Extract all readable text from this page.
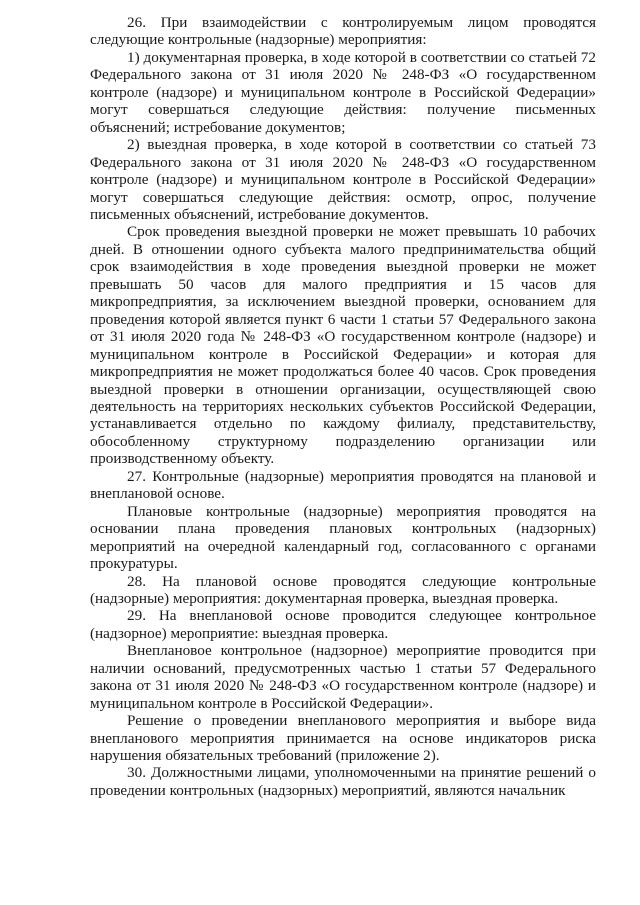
26. При взаимодействии с контролируемым лицом проводятся следующие контрольные (надзорные) мероприятия:

1) документарная проверка, в ходе которой в соответствии со статьей 72 Федерального закона от 31 июля 2020 № 248-ФЗ «О государственном контроле (надзоре) и муниципальном контроле в Российской Федерации» могут совершаться следующие действия: получение письменных объяснений; истребование документов;

2) выездная проверка, в ходе которой в соответствии со статьей 73 Федерального закона от 31 июля 2020 № 248-ФЗ «О государственном контроле (надзоре) и муниципальном контроле в Российской Федерации» могут совершаться следующие действия: осмотр, опрос, получение письменных объяснений, истребование документов.

Срок проведения выездной проверки не может превышать 10 рабочих дней. В отношении одного субъекта малого предпринимательства общий срок взаимодействия в ходе проведения выездной проверки не может превышать 50 часов для малого предприятия и 15 часов для микропредприятия, за исключением выездной проверки, основанием для проведения которой является пункт 6 части 1 статьи 57 Федерального закона от 31 июля 2020 года № 248-ФЗ «О государственном контроле (надзоре) и муниципальном контроле в Российской Федерации» и которая для микропредприятия не может продолжаться более 40 часов. Срок проведения выездной проверки в отношении организации, осуществляющей свою деятельность на территориях нескольких субъектов Российской Федерации, устанавливается отдельно по каждому филиалу, представительству, обособленному структурному подразделению организации или производственному объекту.

27. Контрольные (надзорные) мероприятия проводятся на плановой и внеплановой основе.

Плановые контрольные (надзорные) мероприятия проводятся на основании плана проведения плановых контрольных (надзорных) мероприятий на очередной календарный год, согласованного с органами прокуратуры.

28. На плановой основе проводятся следующие контрольные (надзорные) мероприятия: документарная проверка, выездная проверка.

29. На внеплановой основе проводится следующее контрольное (надзорное) мероприятие: выездная проверка.

Внеплановое контрольное (надзорное) мероприятие проводится при наличии оснований, предусмотренных частью 1 статьи 57 Федерального закона от 31 июля 2020 № 248-ФЗ «О государственном контроле (надзоре) и муниципальном контроле в Российской Федерации».

Решение о проведении внепланового мероприятия и выборе вида внепланового мероприятия принимается на основе индикаторов риска нарушения обязательных требований (приложение 2).

30. Должностными лицами, уполномоченными на принятие решений о проведении контрольных (надзорных) мероприятий, являются начальник
